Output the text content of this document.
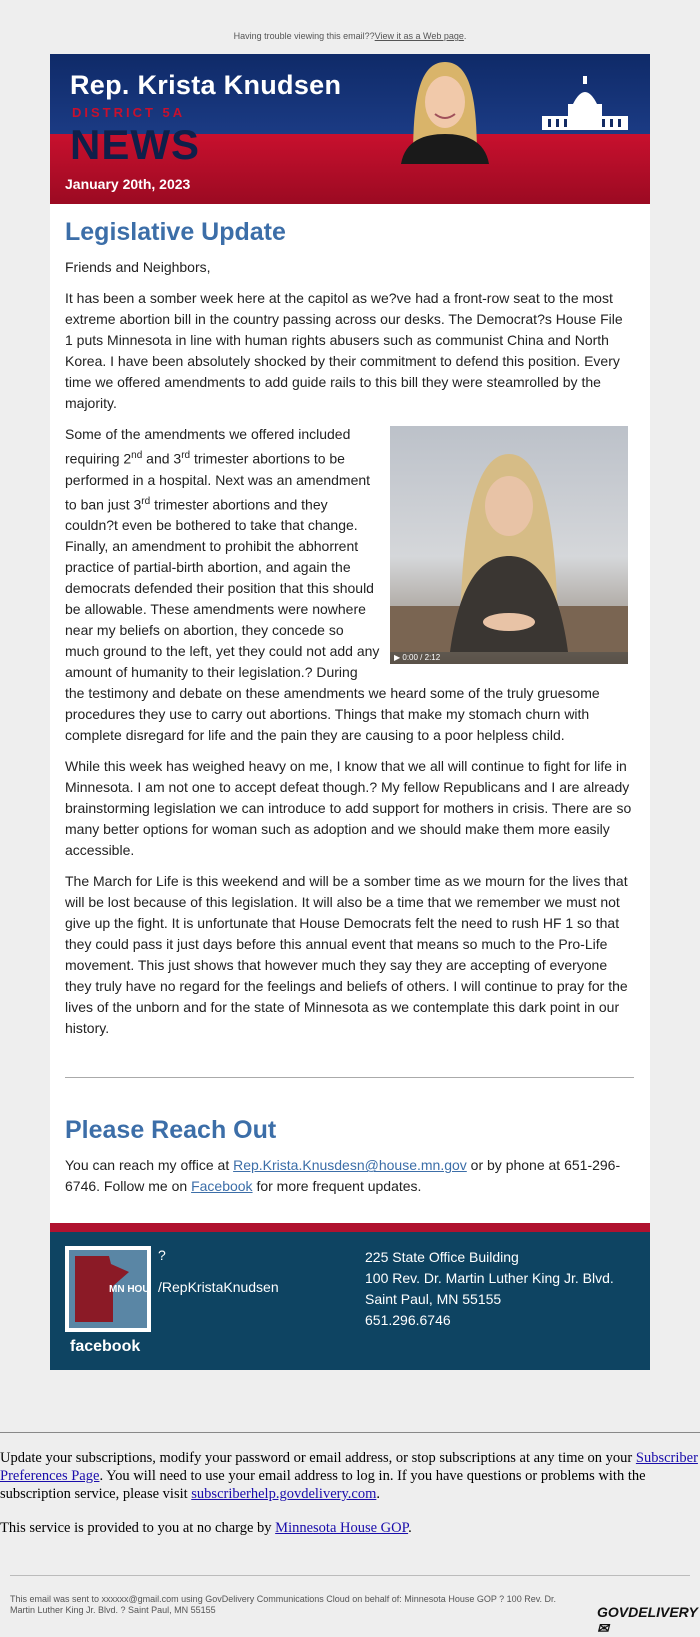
Having trouble viewing this email??View it as a Web page.
Rep. Krista Knudsen
DISTRICT 5A
NEWS
January 20th, 2023
Legislative Update

Friends and Neighbors,

It has been a somber week here at the capitol as we?ve had a front-row seat to the most extreme abortion bill in the country passing across our desks. The Democrat?s House File 1 puts Minnesota in line with human rights abusers such as communist China and North Korea. I have been absolutely shocked by their commitment to defend this position. Every time we offered amendments to add guide rails to this bill they were steamrolled by the majority.

▶ 0:00 / 2:12

Some of the amendments we offered included requiring 2nd and 3rd trimester abortions to be performed in a hospital. Next was an amendment to ban just 3rd trimester abortions and they couldn?t even be bothered to take that change. Finally, an amendment to prohibit the abhorrent practice of partial-birth abortion, and again the democrats defended their position that this should be allowable. These amendments were nowhere near my beliefs on abortion, they concede so much ground to the left, yet they could not add any amount of humanity to their legislation.? During the testimony and debate on these amendments we heard some of the truly gruesome procedures they use to carry out abortions. Things that make my stomach churn with complete disregard for life and the pain they are causing to a poor helpless child.

While this week has weighed heavy on me, I know that we all will continue to fight for life in Minnesota. I am not one to accept defeat though.? My fellow Republicans and I are already brainstorming legislation we can introduce to add support for mothers in crisis. There are so many better options for woman such as adoption and we should make them more easily accessible.

The March for Life is this weekend and will be a somber time as we mourn for the lives that will be lost because of this legislation. It will also be a time that we remember we must not give up the fight. It is unfortunate that House Democrats felt the need to rush HF 1 so that they could pass it just days before this annual event that means so much to the Pro-Life movement. This just shows that however much they say they are accepting of everyone they truly have no regard for the feelings and beliefs of others. I will continue to pray for the lives of the unborn and for the state of Minnesota as we contemplate this dark point in our history.

Please Reach Out

You can reach my office at Rep.Krista.Knusdesn@house.mn.gov or by phone at 651-296-6746. Follow me on Facebook for more frequent updates.

MN HOU
facebook
?
/RepKristaKnudsen
225 State Office Building
100 Rev. Dr. Martin Luther King Jr. Blvd.
Saint Paul, MN 55155
651.296.6746

Update your subscriptions, modify your password or email address, or stop subscriptions at any time on your Subscriber Preferences Page. You will need to use your email address to log in. If you have questions or problems with the subscription service, please visit subscriberhelp.govdelivery.com.

This service is provided to you at no charge by Minnesota House GOP.

This email was sent to xxxxxx@gmail.com using GovDelivery Communications Cloud on behalf of: Minnesota House GOP ? 100 Rev. Dr. Martin Luther King Jr. Blvd. ? Saint Paul, MN 55155	GOVDELIVERY ✉
